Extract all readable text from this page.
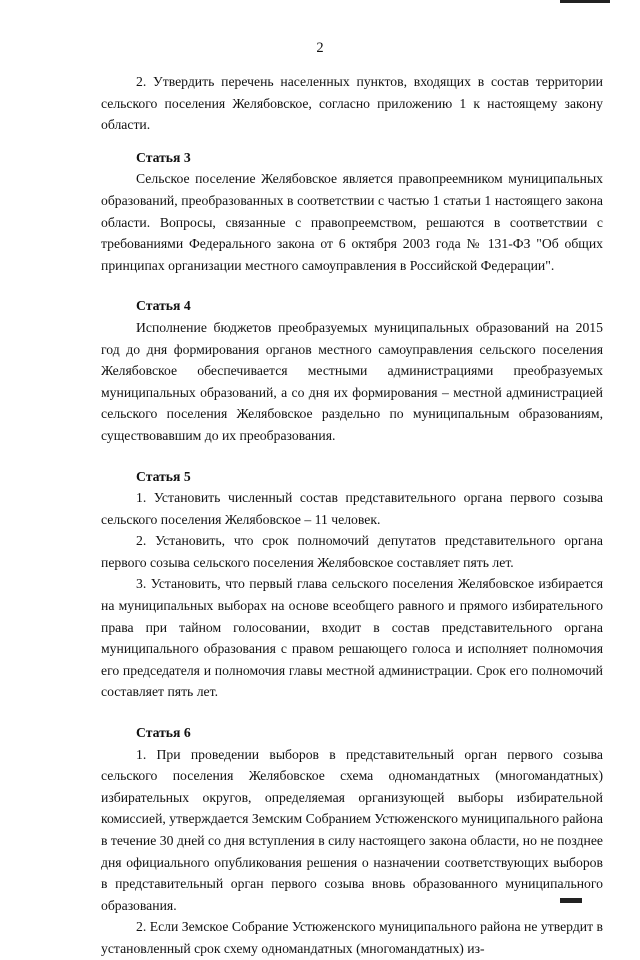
2

2. Утвердить перечень населенных пунктов, входящих в состав территории сельского поселения Желябовское, согласно приложению 1 к настоящему закону области.

Статья 3

Сельское поселение Желябовское является правопреемником муниципальных образований, преобразованных в соответствии с частью 1 статьи 1 настоящего закона области. Вопросы, связанные с правопреемством, решаются в соответствии с требованиями Федерального закона от 6 октября 2003 года № 131-ФЗ "Об общих принципах организации местного самоуправления в Российской Федерации".

Статья 4

Исполнение бюджетов преобразуемых муниципальных образований на 2015 год до дня формирования органов местного самоуправления сельского поселения Желябовское обеспечивается местными администрациями преобразуемых муниципальных образований, а со дня их формирования – местной администрацией сельского поселения Желябовское раздельно по муниципальным образованиям, существовавшим до их преобразования.

Статья 5

1. Установить численный состав представительного органа первого созыва сельского поселения Желябовское – 11 человек.

2. Установить, что срок полномочий депутатов представительного органа первого созыва сельского поселения Желябовское составляет пять лет.

3. Установить, что первый глава сельского поселения Желябовское избирается на муниципальных выборах на основе всеобщего равного и прямого избирательного права при тайном голосовании, входит в состав представительного органа муниципального образования с правом решающего голоса и исполняет полномочия его председателя и полномочия главы местной администрации. Срок его полномочий составляет пять лет.

Статья 6

1. При проведении выборов в представительный орган первого созыва сельского поселения Желябовское схема одномандатных (многомандатных) избирательных округов, определяемая организующей выборы избирательной комиссией, утверждается Земским Собранием Устюженского муниципального района в течение 30 дней со дня вступления в силу настоящего закона области, но не позднее дня официального опубликования решения о назначении соответствующих выборов в представительный орган первого созыва вновь образованного муниципального образования.

2. Если Земское Собрание Устюженского муниципального района не утвердит в установленный срок схему одномандатных (многомандатных) из-
